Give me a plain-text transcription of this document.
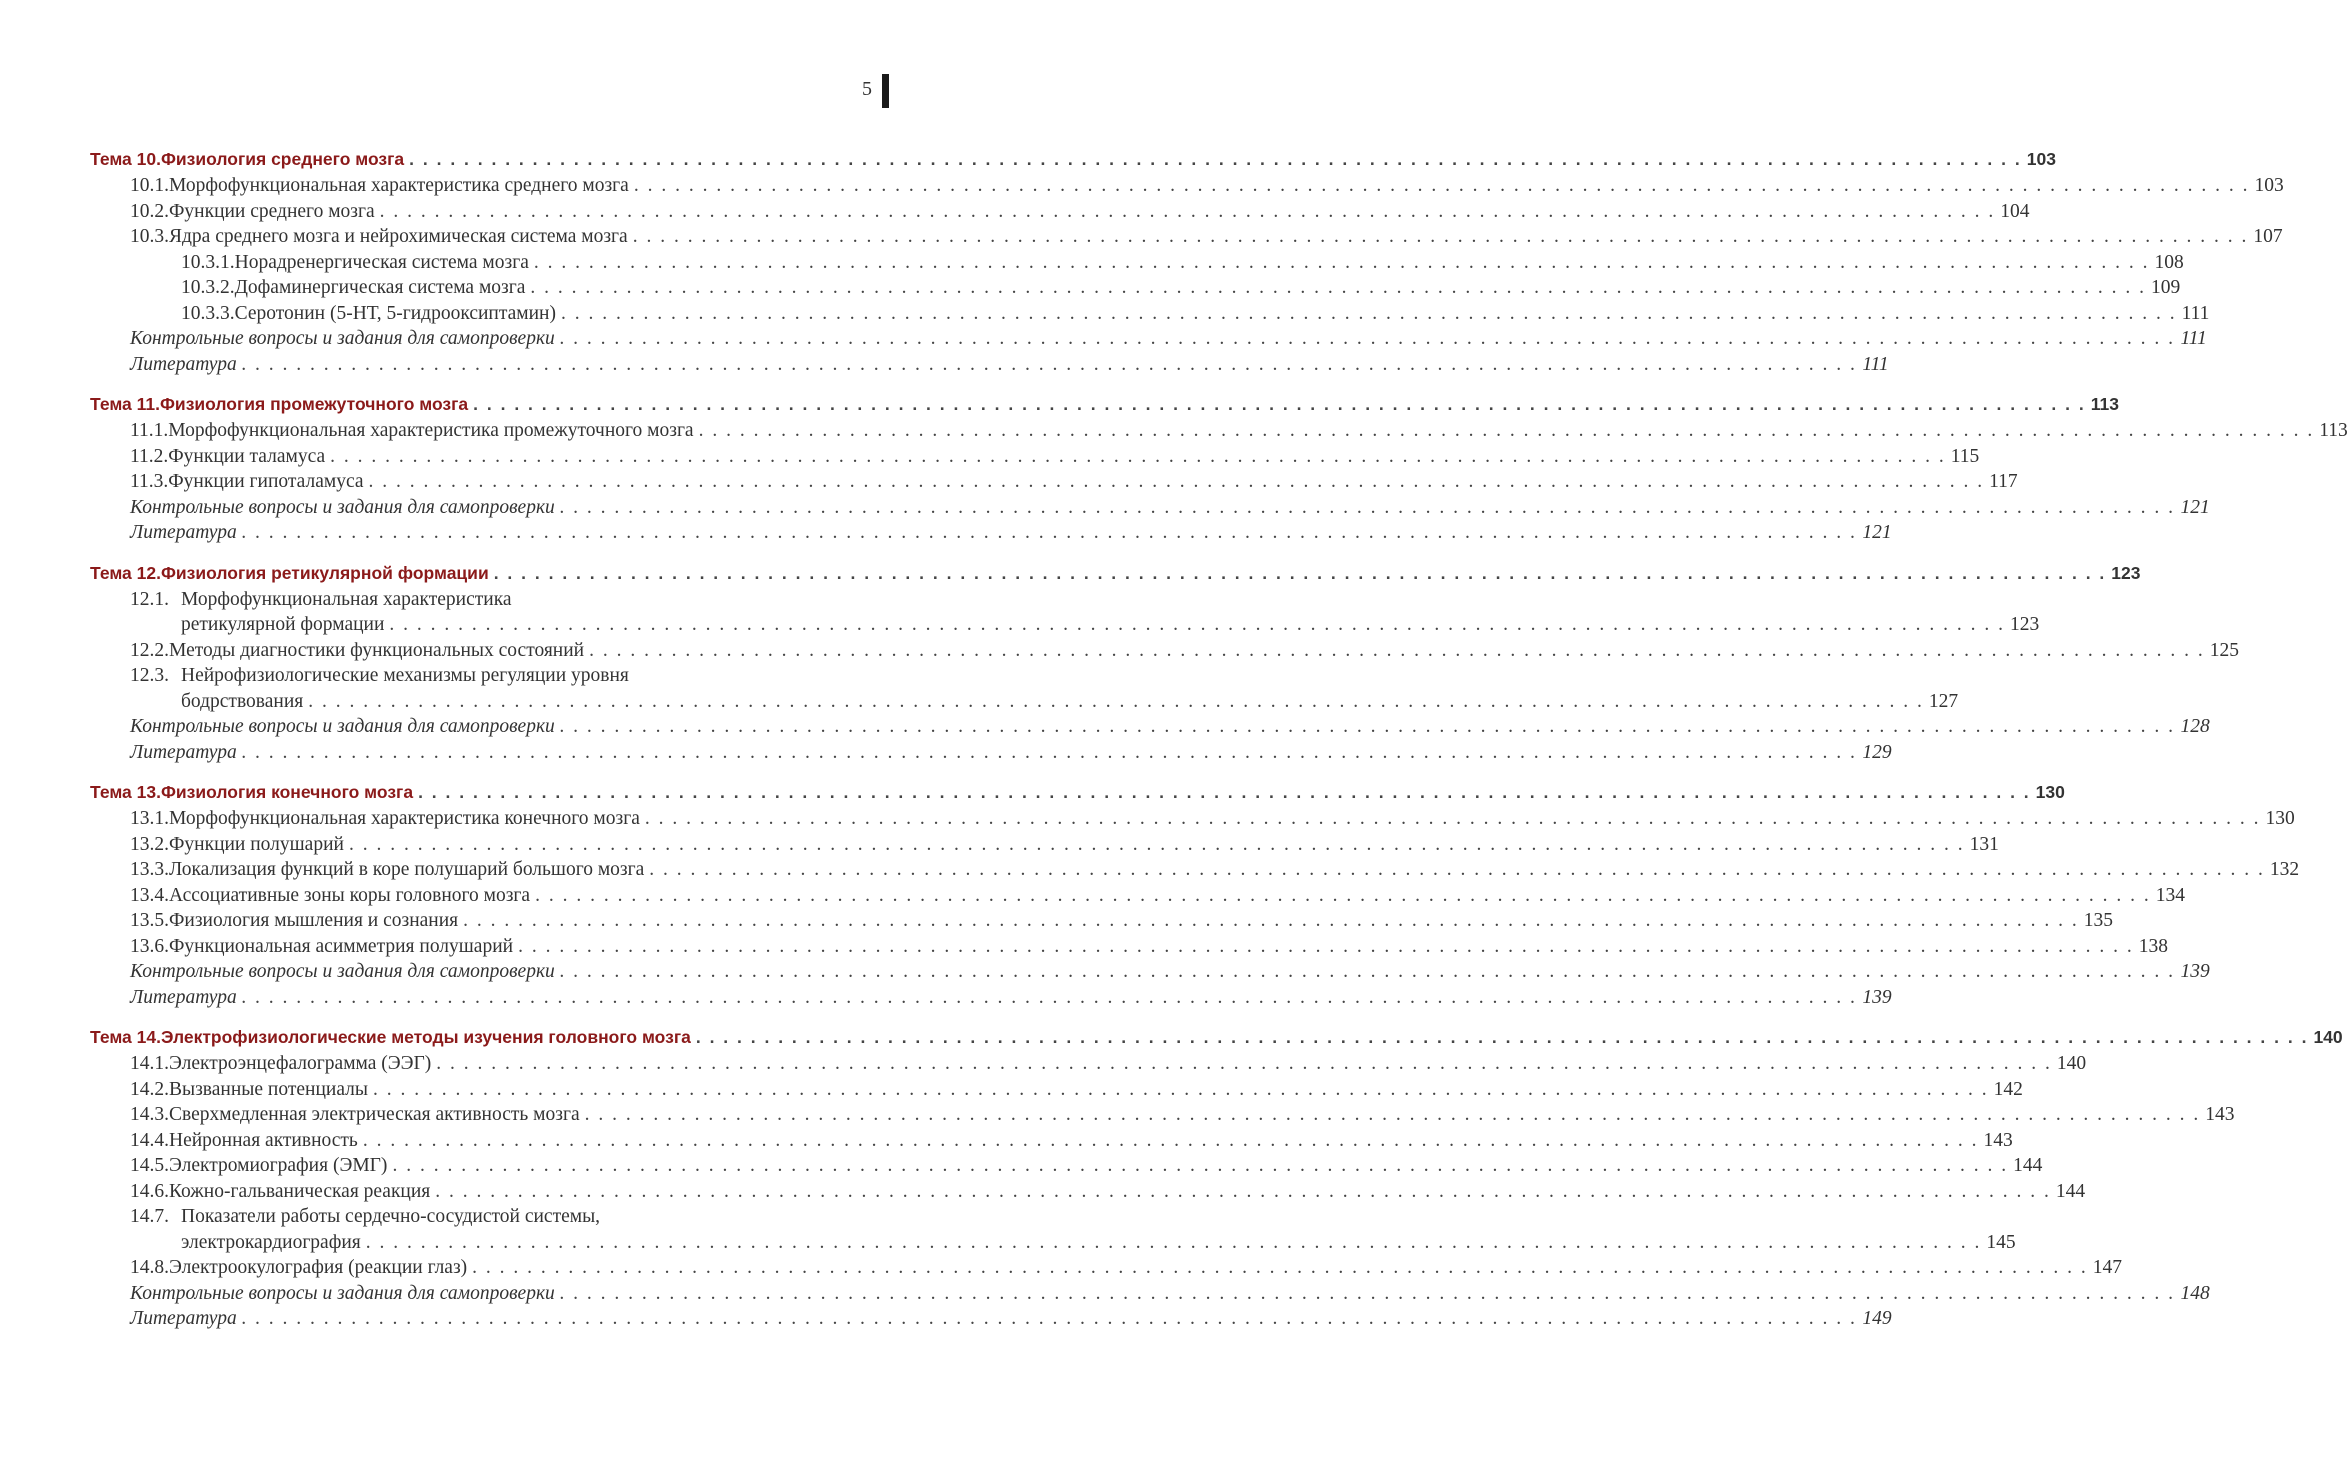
5
Тема 10. Физиология среднего мозга . . .	103
10.1. Морфофункциональная характеристика среднего мозга . . .	103
10.2. Функции среднего мозга . . .	104
10.3. Ядра среднего мозга и нейрохимическая система мозга . . .	107
10.3.1. Норадренергическая система мозга . . .	108
10.3.2. Дофаминергическая система мозга . . .	109
10.3.3. Серотонин (5-НТ, 5-гидрооксиптамин) . . .	111
Контрольные вопросы и задания для самопроверки . . .	111
Литература . . .	111
Тема 11. Физиология промежуточного мозга . . .	113
11.1. Морфофункциональная характеристика промежуточного мозга . . .	113
11.2. Функции таламуса . . .	115
11.3. Функции гипоталамуса . . .	117
Контрольные вопросы и задания для самопроверки . . .	121
Литература . . .	121
Тема 12. Физиология ретикулярной формации . . .	123
12.1. Морфофункциональная характеристика
ретикулярной формации . . .	123
12.2. Методы диагностики функциональных состояний . . .	125
12.3. Нейрофизиологические механизмы регуляции уровня
бодрствования . . .	127
Контрольные вопросы и задания для самопроверки . . .	128
Литература . . .	129
Тема 13. Физиология конечного мозга . . .	130
13.1. Морфофункциональная характеристика конечного мозга . . .	130
13.2. Функции полушарий . . .	131
13.3. Локализация функций в коре полушарий большого мозга . . .	132
13.4. Ассоциативные зоны коры головного мозга . . .	134
13.5. Физиология мышления и сознания . . .	135
13.6. Функциональная асимметрия полушарий . . .	138
Контрольные вопросы и задания для самопроверки . . .	139
Литература . . .	139
Тема 14. Электрофизиологические методы изучения головного мозга . . .	140
14.1. Электроэнцефалограмма (ЭЭГ) . . .	140
14.2. Вызванные потенциалы . . .	142
14.3. Сверхмедленная электрическая активность мозга . . .	143
14.4. Нейронная активность . . .	143
14.5. Электромиография (ЭМГ) . . .	144
14.6. Кожно-гальваническая реакция . . .	144
14.7. Показатели работы сердечно-сосудистой системы,
электрокардиография . . .	145
14.8. Электроокулография (реакции глаз) . . .	147
Контрольные вопросы и задания для самопроверки . . .	148
Литература . . .	149
